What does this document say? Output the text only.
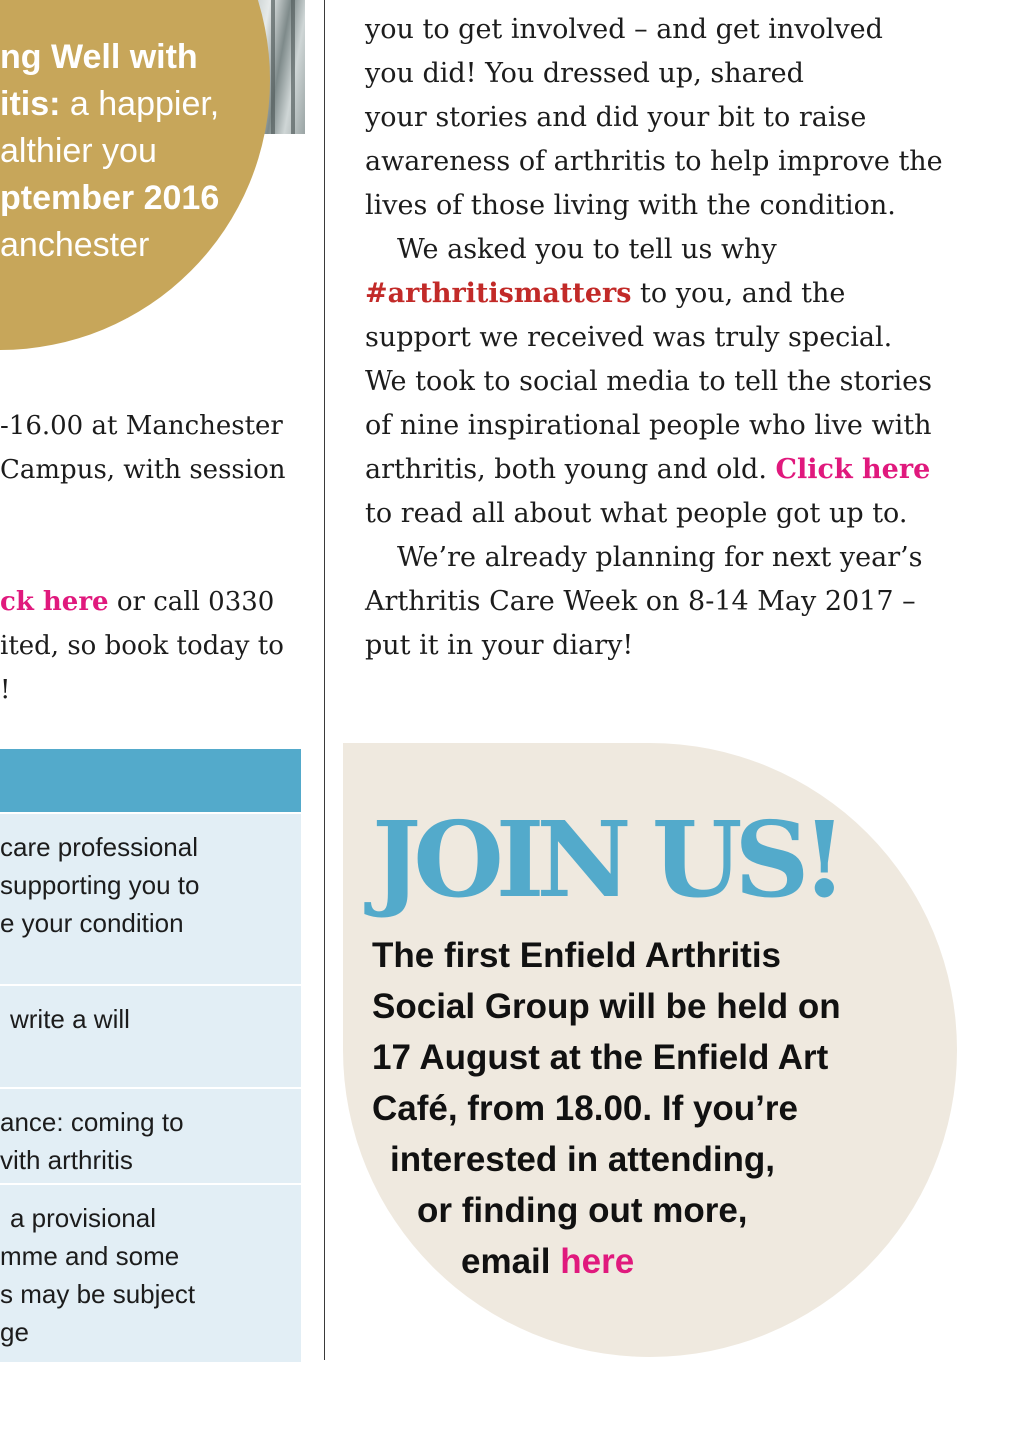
ng Well with
itis: a happier,
althier you
ptember 2016
anchester
-16.00 at Manchester
Campus, with session
ck here or call 0330
ited, so book today to
!
care professional
supporting you to
e your condition
write a will
ance: coming to
vith arthritis
a provisional
mme and some
s may be subject
ge
you to get involved – and get involved
you did! You dressed up, shared
your stories and did your bit to raise
awareness of arthritis to help improve the
lives of those living with the condition.
We asked you to tell us why
#arthritismatters to you, and the
support we received was truly special.
We took to social media to tell the stories
of nine inspirational people who live with
arthritis, both young and old. Click here
to read all about what people got up to.
We’re already planning for next year’s
Arthritis Care Week on 8-14 May 2017 –
put it in your diary!
JOIN US!
The first Enfield Arthritis
Social Group will be held on
17 August at the Enfield Art
Café, from 18.00. If you’re
interested in attending,
or finding out more,
email here
